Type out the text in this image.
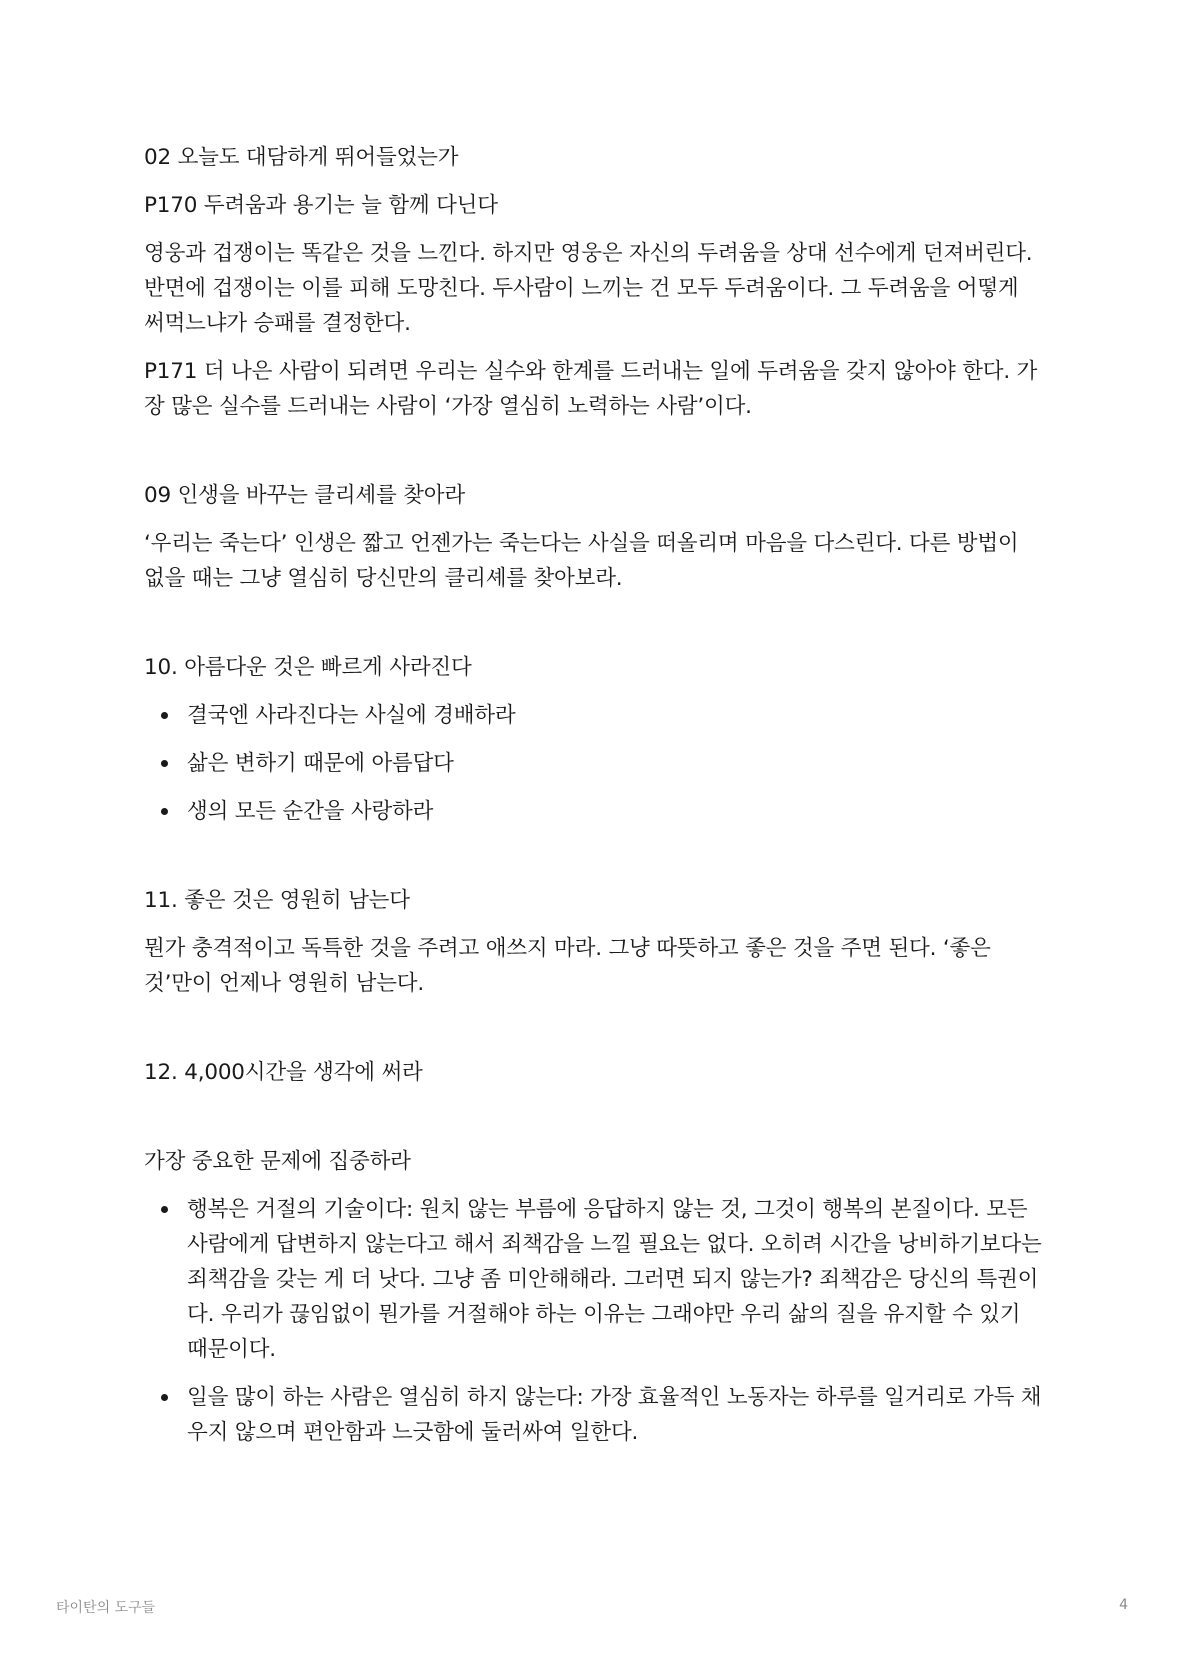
02 오늘도 대담하게 뛰어들었는가

P170 두려움과 용기는 늘 함께 다닌다

영웅과 겁쟁이는 똑같은 것을 느낀다. 하지만 영웅은 자신의 두려움을 상대 선수에게 던져버린다. 반면에 겁쟁이는 이를 피해 도망친다. 두사람이 느끼는 건 모두 두려움이다. 그 두려움을 어떻게 써먹느냐가 승패를 결정한다.

P171 더 나은 사람이 되려면 우리는 실수와 한계를 드러내는 일에 두려움을 갖지 않아야 한다. 가장 많은 실수를 드러내는 사람이 ‘가장 열심히 노력하는 사람’이다.

09 인생을 바꾸는 클리셰를 찾아라

‘우리는 죽는다’ 인생은 짧고 언젠가는 죽는다는 사실을 떠올리며 마음을 다스린다. 다른 방법이 없을 때는 그냥 열심히 당신만의 클리셰를 찾아보라.

10. 아름다운 것은 빠르게 사라진다

결국엔 사라진다는 사실에 경배하라
삶은 변하기 때문에 아름답다
생의 모든 순간을 사랑하라

11. 좋은 것은 영원히 남는다

뭔가 충격적이고 독특한 것을 주려고 애쓰지 마라. 그냥 따뜻하고 좋은 것을 주면 된다. ‘좋은 것’만이 언제나 영원히 남는다.

12. 4,000시간을 생각에 써라

가장 중요한 문제에 집중하라

행복은 거절의 기술이다: 원치 않는 부름에 응답하지 않는 것, 그것이 행복의 본질이다. 모든 사람에게 답변하지 않는다고 해서 죄책감을 느낄 필요는 없다. 오히려 시간을 낭비하기보다는 죄책감을 갖는 게 더 낫다. 그냥 좀 미안해해라. 그러면 되지 않는가? 죄책감은 당신의 특권이다. 우리가 끊임없이 뭔가를 거절해야 하는 이유는 그래야만 우리 삶의 질을 유지할 수 있기 때문이다.
일을 많이 하는 사람은 열심히 하지 않는다: 가장 효율적인 노동자는 하루를 일거리로 가득 채우지 않으며 편안함과 느긋함에 둘러싸여 일한다.
타이탄의 도구들	4
